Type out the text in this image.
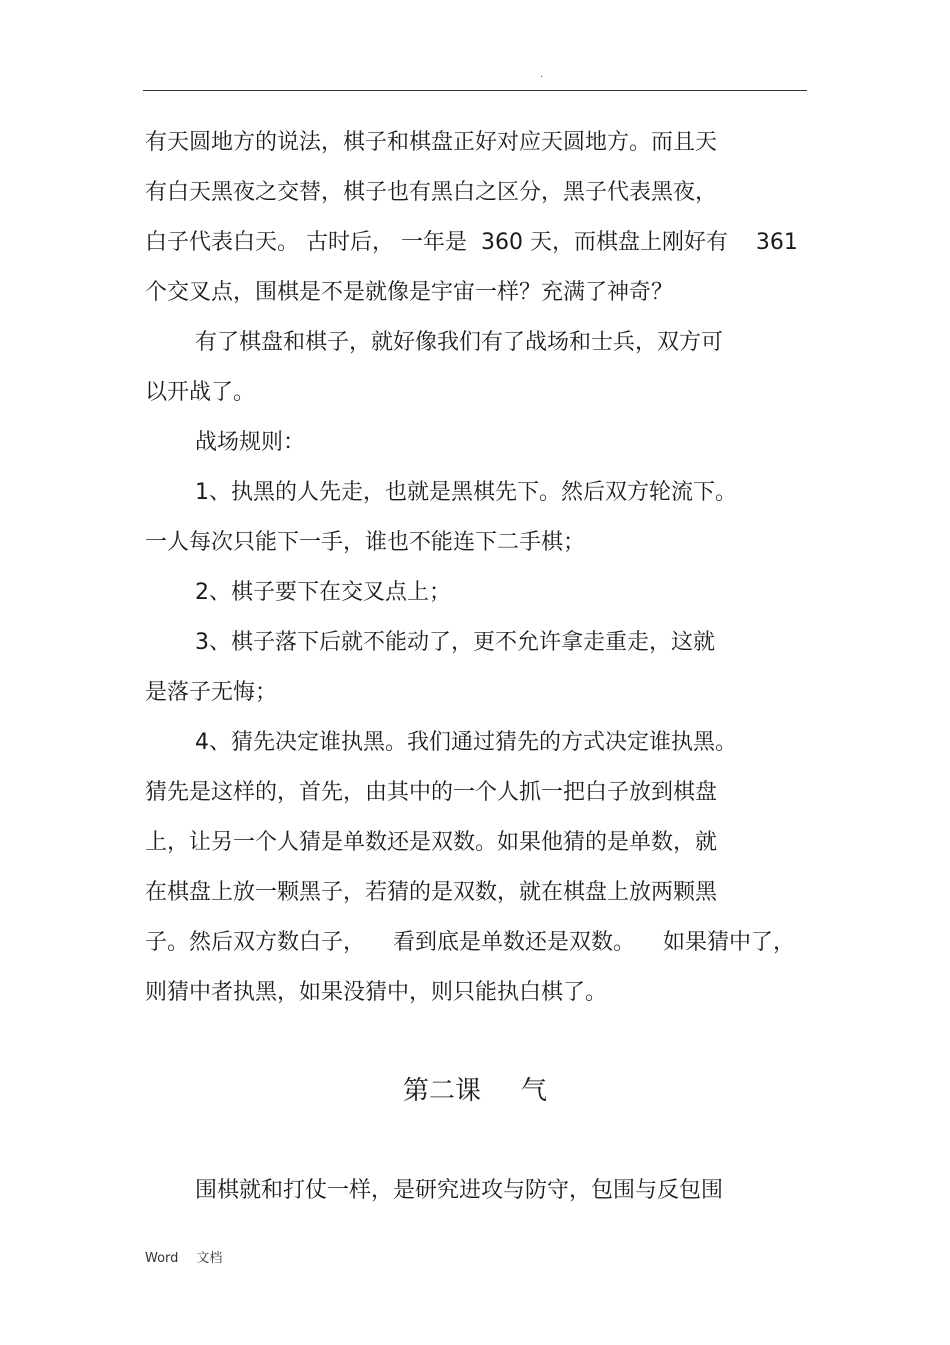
.
有天圆地方的说法，棋子和棋盘正好对应天圆地方。而且天
有白天黑夜之交替，棋子也有黑白之区分，黑子代表黑夜，
白子代表白天。 古时后， 一年是  360 天，而棋盘上刚好有    361
个交叉点，围棋是不是就像是宇宙一样？充满了神奇？
有了棋盘和棋子，就好像我们有了战场和士兵，双方可
以开战了。
战场规则：
1、执黑的人先走，也就是黑棋先下。然后双方轮流下。
一人每次只能下一手，谁也不能连下二手棋；
2、棋子要下在交叉点上；
3、棋子落下后就不能动了，更不允许拿走重走，这就
是落子无悔；
4、猜先决定谁执黑。我们通过猜先的方式决定谁执黑。
猜先是这样的，首先，由其中的一个人抓一把白子放到棋盘
上，让另一个人猜是单数还是双数。如果他猜的是单数，就
在棋盘上放一颗黑子，若猜的是双数，就在棋盘上放两颗黑
子。然后双方数白子，    看到底是单数还是双数。    如果猜中了，
则猜中者执黑，如果没猜中，则只能执白棋了。
第二课 气
围棋就和打仗一样，是研究进攻与防守，包围与反包围
Word 文档
